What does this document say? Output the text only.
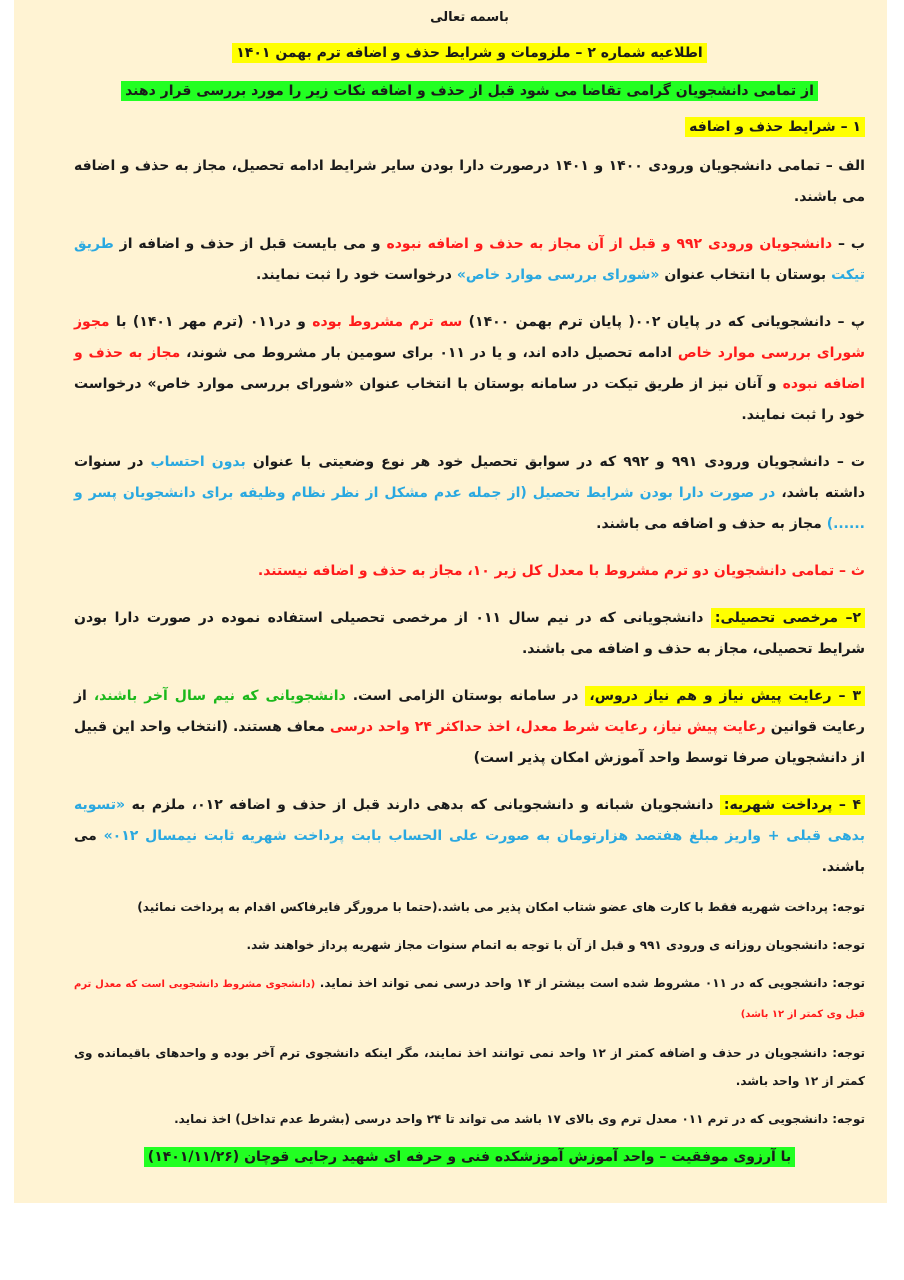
باسمه تعالی
اطلاعیه شماره ۲ – ملزومات و شرایط حذف و اضافه ترم بهمن ۱۴۰۱
از تمامی دانشجویان گرامی تقاضا می شود قبل از حذف و اضافه نکات زیر را مورد بررسی قرار دهند
۱ – شرایط حذف و اضافه

الف – تمامی دانشجویان ورودی ۱۴۰۰ و ۱۴۰۱ درصورت دارا بودن سایر شرایط ادامه تحصیل، مجاز به حذف و اضافه می باشند.

ب – دانشجویان ورودی ۹۹۲ و قبل از آن مجاز به حذف و اضافه نبوده و می بایست قبل از حذف و اضافه از طریق تیکت بوستان با انتخاب عنوان «شورای بررسی موارد خاص» درخواست خود را ثبت نمایند.

پ – دانشجویانی که در پایان ۰۰۲( پایان ترم بهمن ۱۴۰۰) سه ترم مشروط بوده و در۰۱۱ (ترم مهر ۱۴۰۱) با مجوز شورای بررسی موارد خاص ادامه تحصیل داده اند، و یا در ۰۱۱ برای سومین بار مشروط می شوند، مجاز به حذف و اضافه نبوده و آنان نیز از طریق تیکت در سامانه بوستان با انتخاب عنوان «شورای بررسی موارد خاص» درخواست خود را ثبت نمایند.

ت – دانشجویان ورودی ۹۹۱ و ۹۹۲ که در سوابق تحصیل خود هر نوع وضعیتی با عنوان بدون احتساب در سنوات داشته باشد، در صورت دارا بودن شرایط تحصیل (از جمله عدم مشکل از نظر نظام وظیفه برای دانشجویان پسر و ......) مجاز به حذف و اضافه می باشند.

ث – تمامی دانشجویان دو ترم مشروط با معدل کل زیر ۱۰، مجاز به حذف و اضافه نیستند.

۲– مرخصی تحصیلی: دانشجویانی که در نیم سال ۰۱۱ از مرخصی تحصیلی استفاده نموده در صورت دارا بودن شرایط تحصیلی، مجاز به حذف و اضافه می باشند.

۳ – رعایت پیش نیاز و هم نیاز دروس، در سامانه بوستان الزامی است. دانشجویانی که نیم سال آخر باشند، از رعایت قوانین رعایت پیش نیاز، رعایت شرط معدل، اخذ حداکثر ۲۴ واحد درسی معاف هستند. (انتخاب واحد این قبیل از دانشجویان صرفا توسط واحد آموزش امکان پذیر است)

۴ – پرداخت شهریه: دانشجویان شبانه و دانشجویانی که بدهی دارند قبل از حذف و اضافه ۰۱۲، ملزم به «تسویه بدهی قبلی + واریز مبلغ هفتصد هزارتومان به صورت علی الحساب بابت پرداخت شهریه ثابت نیمسال ۰۱۲» می باشند.

توجه: پرداخت شهریه فقط با کارت های عضو شتاب امکان پذیر می باشد.(حتما با مرورگر فایرفاکس اقدام به پرداخت نمائید)

توجه: دانشجویان روزانه ی ورودی ۹۹۱ و قبل از آن با توجه به اتمام سنوات مجاز شهریه پرداز خواهند شد.

توجه: دانشجویی که در ۰۱۱ مشروط شده است بیشتر از ۱۴ واحد درسی نمی تواند اخذ نماید. (دانشجوی مشروط دانشجویی است که معدل ترم قبل وی کمتر از ۱۲ باشد)

توجه: دانشجویان در حذف و اضافه کمتر از ۱۲ واحد نمی توانند اخذ نمایند، مگر اینکه دانشجوی ترم آخر بوده و واحدهای باقیمانده وی کمتر از ۱۲ واحد باشد.

توجه: دانشجویی که در ترم ۰۱۱ معدل ترم وی بالای ۱۷ باشد می تواند تا ۲۴ واحد درسی (بشرط عدم تداخل) اخذ نماید.

با آرزوی موفقیت – واحد آموزش آموزشکده فنی و حرفه ای شهید رجایی قوچان (۱۴۰۱/۱۱/۲۶)
